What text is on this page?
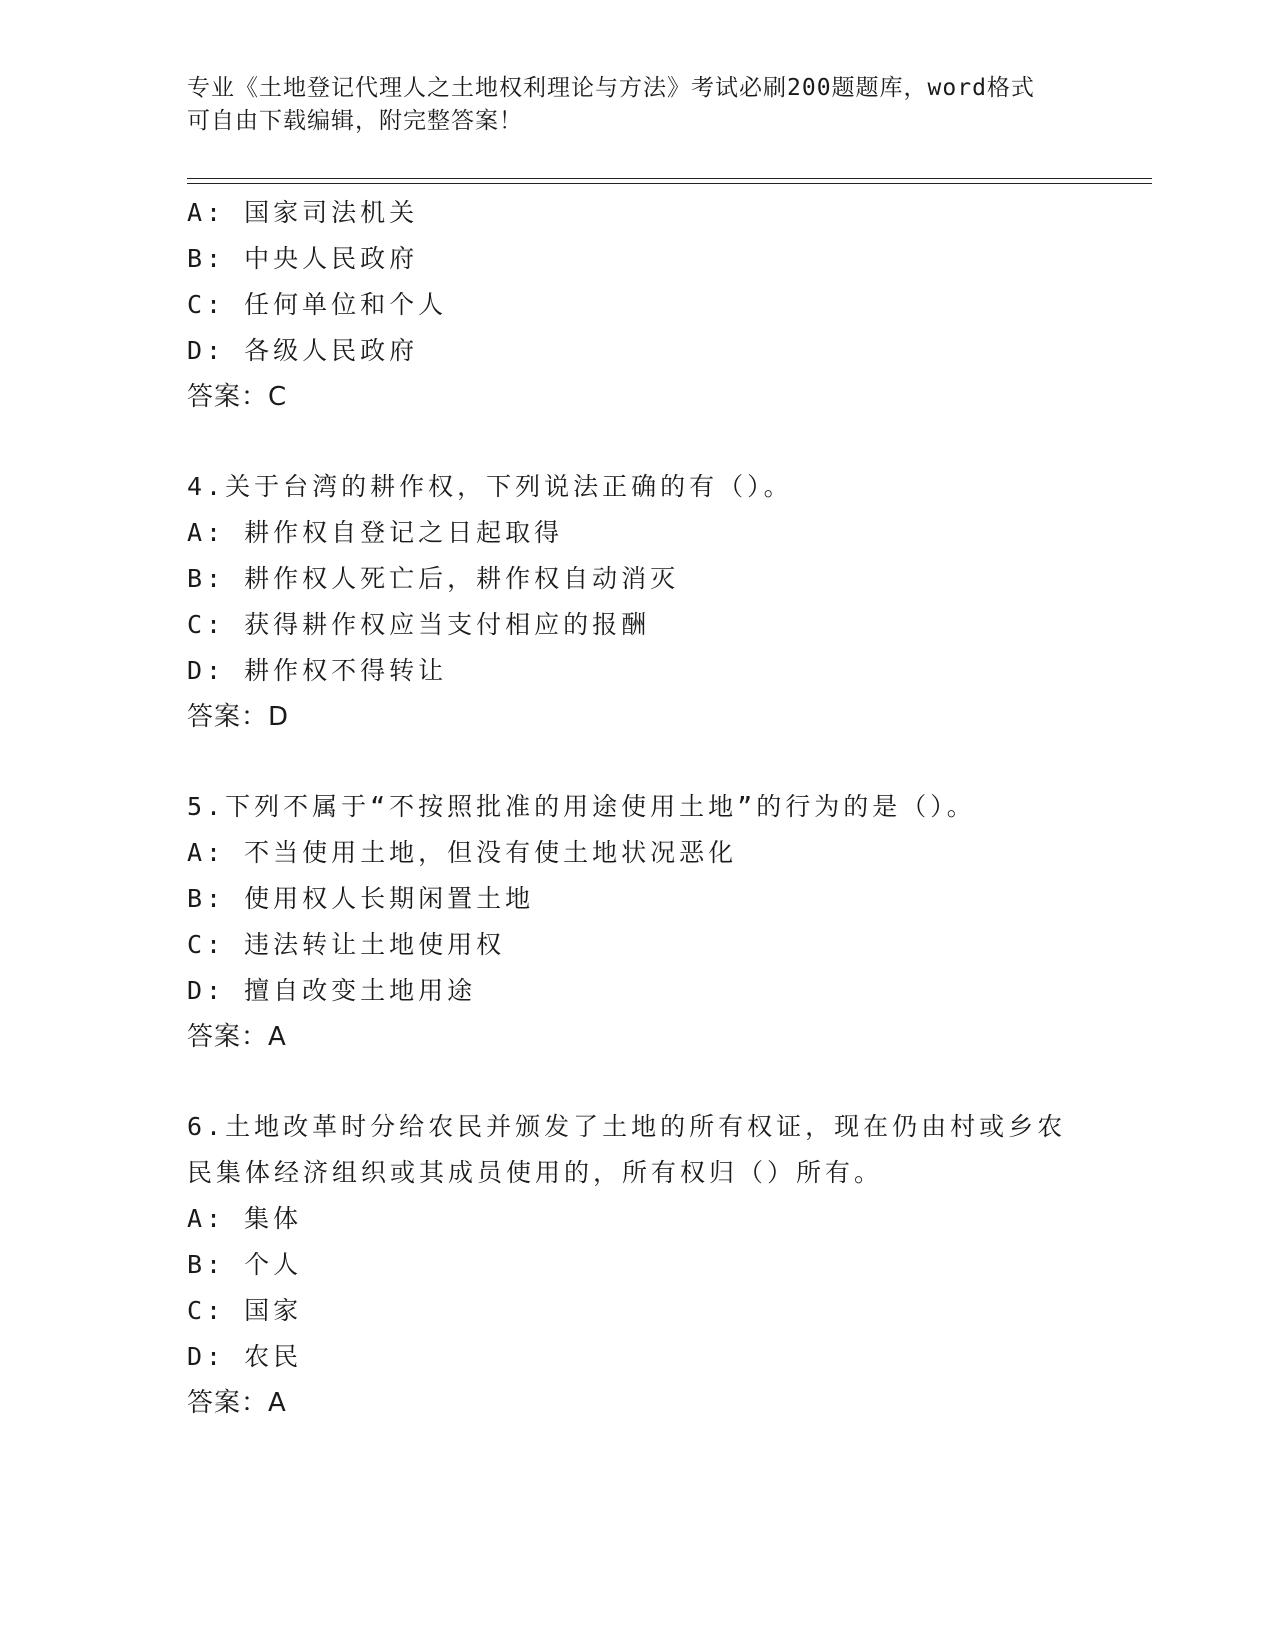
专业《土地登记代理人之土地权利理论与方法》考试必刷200题题库，word格式
可自由下载编辑，附完整答案！
A: 国家司法机关
B: 中央人民政府
C: 任何单位和个人
D: 各级人民政府
答案：C
4.关于台湾的耕作权，下列说法正确的有（）。
A: 耕作权自登记之日起取得
B: 耕作权人死亡后，耕作权自动消灭
C: 获得耕作权应当支付相应的报酬
D: 耕作权不得转让
答案：D
5.下列不属于“不按照批准的用途使用土地”的行为的是（）。
A: 不当使用土地，但没有使土地状况恶化
B: 使用权人长期闲置土地
C: 违法转让土地使用权
D: 擅自改变土地用途
答案：A
6.土地改革时分给农民并颁发了土地的所有权证，现在仍由村或乡农
民集体经济组织或其成员使用的，所有权归（）所有。
A: 集体
B: 个人
C: 国家
D: 农民
答案：A
